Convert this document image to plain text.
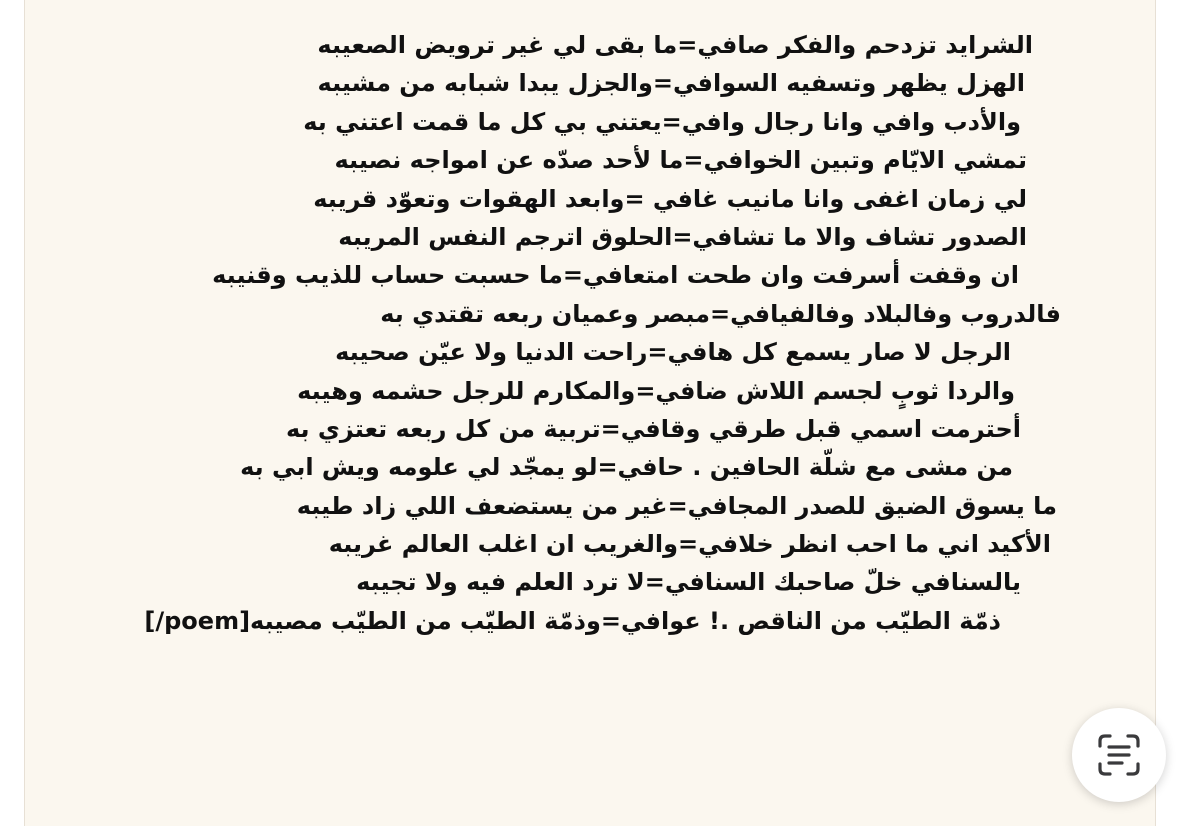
الشرايد تزدحم والفكر صافي=ما بقى لي غير ترويض الصعيبه

الهزل يظهر وتسفيه السوافي=والجزل يبدا شبابه من مشيبه

والأدب وافي وانا رجال وافي=يعتني بي كل ما قمت اعتني به

تمشي الايّام وتبين الخوافي=ما لأحد صدّه عن امواجه نصيبه

لي زمان اغفى وانا مانيب غافي =وابعد الهقوات وتعوّد قريبه

الصدور تشاف والا ما تشافي=الحلوق اترجم النفس المريبه

ان وقفت أسرفت وان طحت امتعافي=ما حسبت حساب للذيب وقنيبه

فالدروب وفالبلاد وفالفيافي=مبصر وعميان ربعه تقتدي به

الرجل لا صار يسمع كل هافي=راحت الدنيا ولا عيّن صحيبه

والردا ثوبٍ لجسم اللاش ضافي=والمكارم للرجل حشمه وهيبه

أحترمت اسمي قبل طرقي وقافي=تربية من كل ربعه تعتزي به

من مشى مع شلّة الحافين . حافي=لو يمجّد لي علومه ويش ابي به

ما يسوق الضيق للصدر المجافي=غير من يستضعف اللي زاد طيبه

الأكيد اني ما احب انظر خلافي=والغريب ان اغلب العالم غريبه

يالسنافي خلّ صاحبك السنافي=لا ترد العلم فيه ولا تجيبه

ذمّة الطيّب من الناقص .! عوافي=وذمّة الطيّب من الطيّب مصيبه[poem/]
